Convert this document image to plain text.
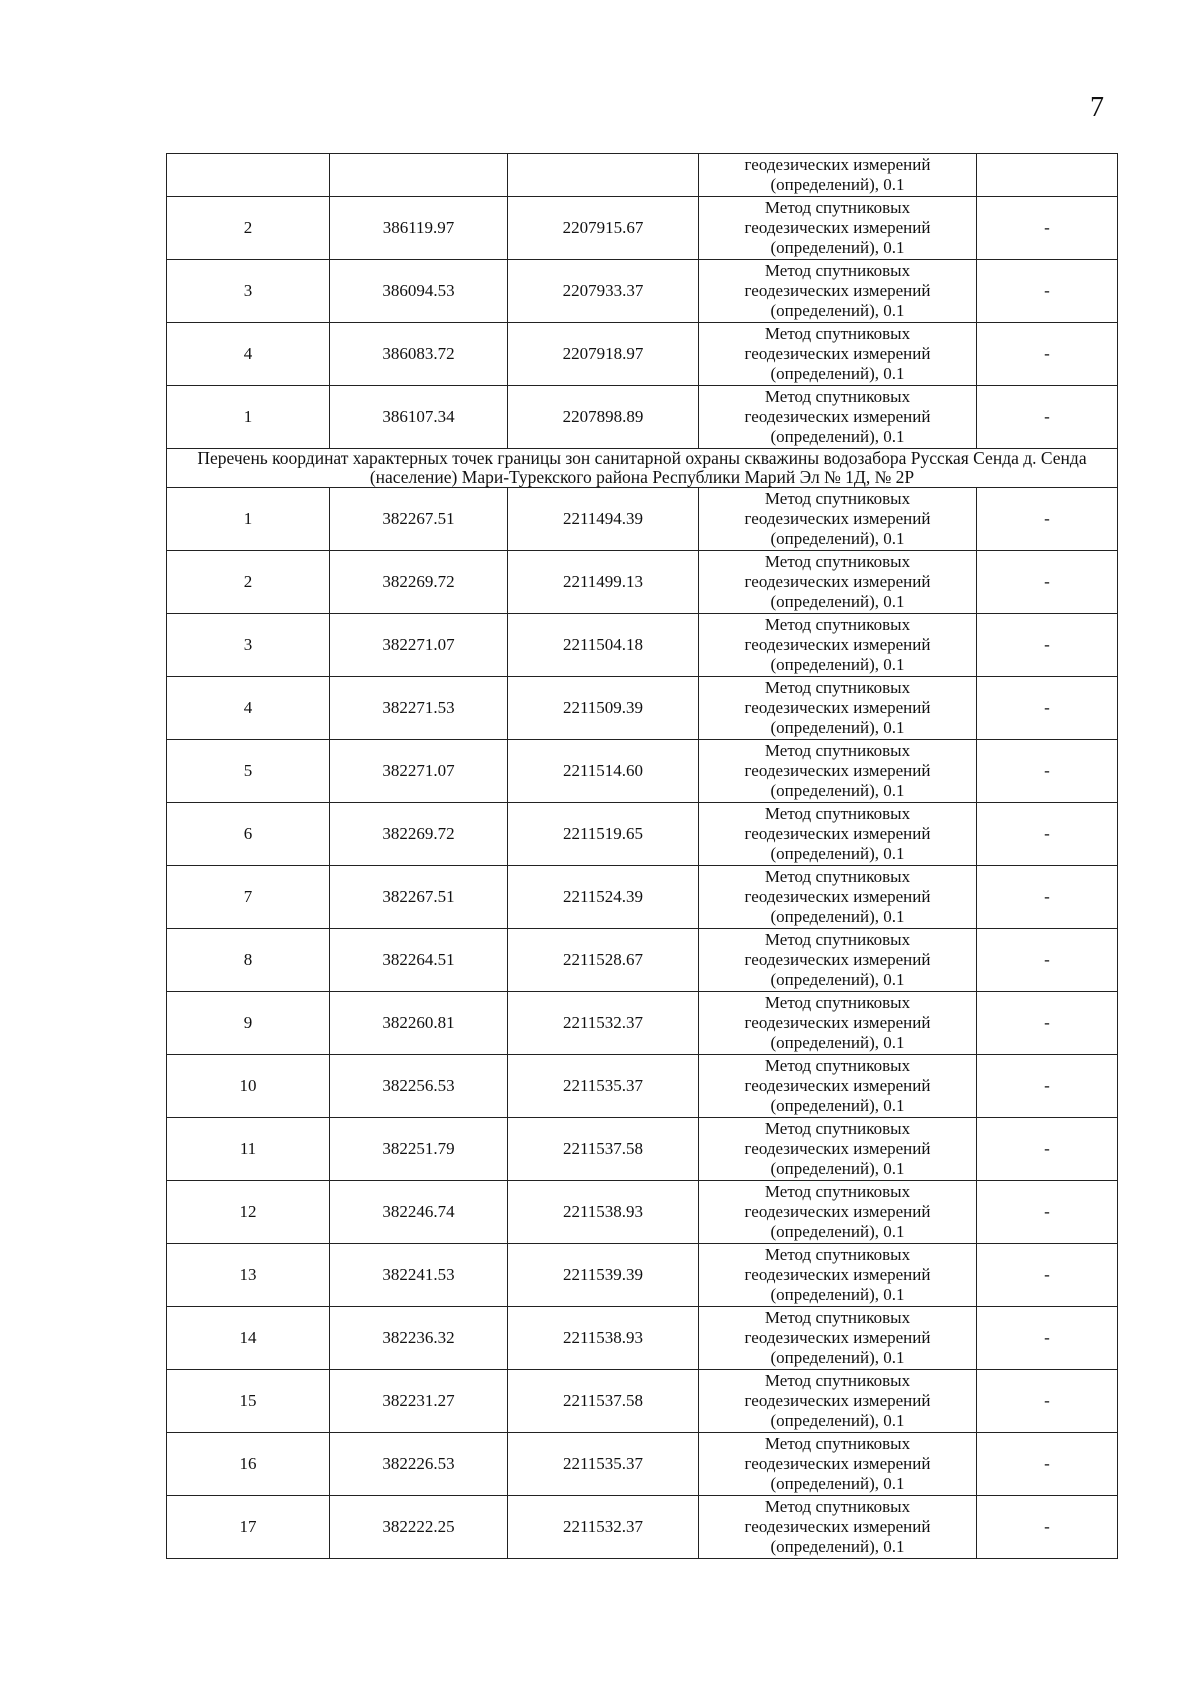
7
			геодезических измерений
(определений), 0.1	
2	386119.97	2207915.67	Метод спутниковых
геодезических измерений
(определений), 0.1	-
3	386094.53	2207933.37	Метод спутниковых
геодезических измерений
(определений), 0.1	-
4	386083.72	2207918.97	Метод спутниковых
геодезических измерений
(определений), 0.1	-
1	386107.34	2207898.89	Метод спутниковых
геодезических измерений
(определений), 0.1	-
Перечень координат характерных точек границы зон санитарной охраны скважины водозабора Русская Сенда д. Сенда (население) Мари-Турекского района Республики Марий Эл № 1Д, № 2Р				
1	382267.51	2211494.39	Метод спутниковых
геодезических измерений
(определений), 0.1	-
2	382269.72	2211499.13	Метод спутниковых
геодезических измерений
(определений), 0.1	-
3	382271.07	2211504.18	Метод спутниковых
геодезических измерений
(определений), 0.1	-
4	382271.53	2211509.39	Метод спутниковых
геодезических измерений
(определений), 0.1	-
5	382271.07	2211514.60	Метод спутниковых
геодезических измерений
(определений), 0.1	-
6	382269.72	2211519.65	Метод спутниковых
геодезических измерений
(определений), 0.1	-
7	382267.51	2211524.39	Метод спутниковых
геодезических измерений
(определений), 0.1	-
8	382264.51	2211528.67	Метод спутниковых
геодезических измерений
(определений), 0.1	-
9	382260.81	2211532.37	Метод спутниковых
геодезических измерений
(определений), 0.1	-
10	382256.53	2211535.37	Метод спутниковых
геодезических измерений
(определений), 0.1	-
11	382251.79	2211537.58	Метод спутниковых
геодезических измерений
(определений), 0.1	-
12	382246.74	2211538.93	Метод спутниковых
геодезических измерений
(определений), 0.1	-
13	382241.53	2211539.39	Метод спутниковых
геодезических измерений
(определений), 0.1	-
14	382236.32	2211538.93	Метод спутниковых
геодезических измерений
(определений), 0.1	-
15	382231.27	2211537.58	Метод спутниковых
геодезических измерений
(определений), 0.1	-
16	382226.53	2211535.37	Метод спутниковых
геодезических измерений
(определений), 0.1	-
17	382222.25	2211532.37	Метод спутниковых
геодезических измерений
(определений), 0.1	-
